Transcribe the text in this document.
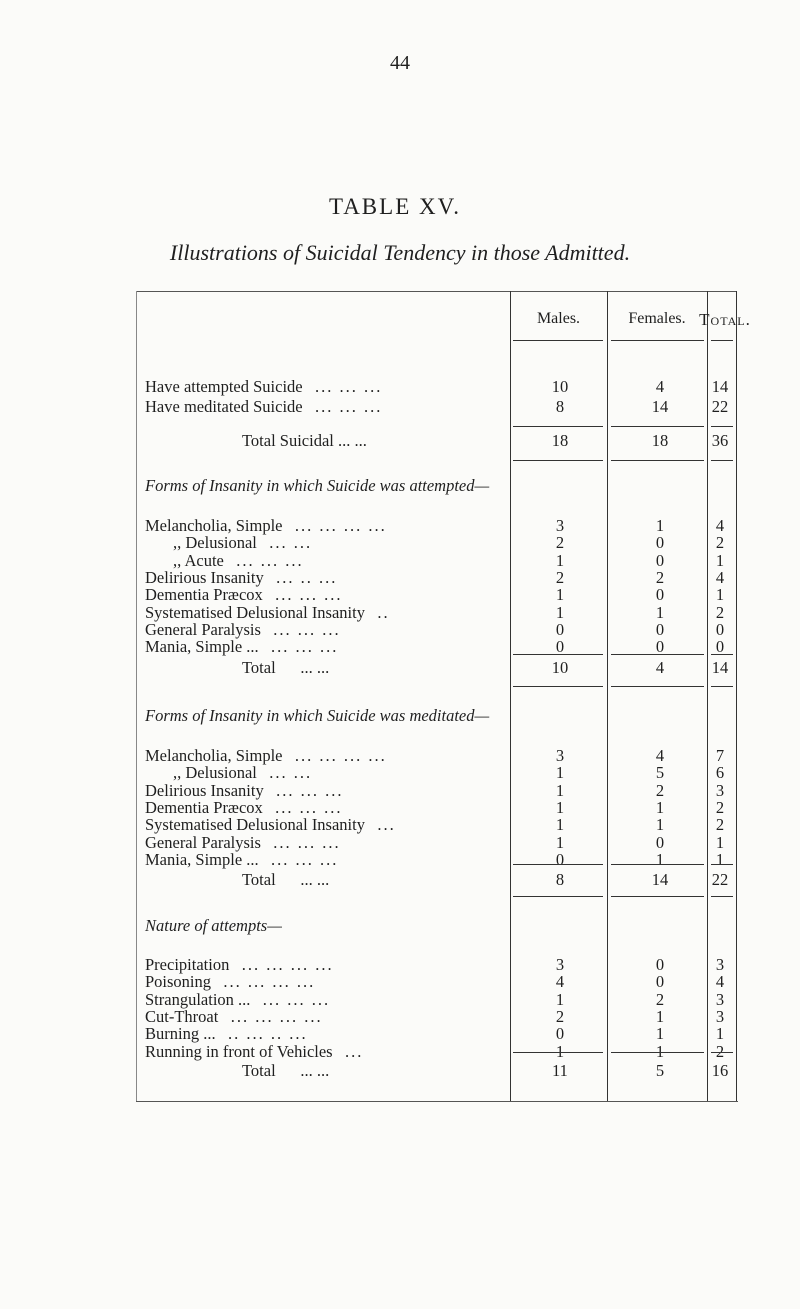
44
TABLE XV.
Illustrations of Suicidal Tendency in those Admitted.
Males.	Females. Total.
Have attempted Suicide ... ... ...	10	4	14
Have meditated Suicide ... ... ...	8	14	22
Total Suicidal ... ...	18	18	36
Forms of Insanity in which Suicide was attempted—
Melancholia, Simple ... ... ... ...	3	1	4
,, Delusional ... ...	2	0	2
,, Acute ... ... ...	1	0	1
Delirious Insanity ... .. ...	2	2	4
Dementia Præcox ... ... ...	1	0	1
Systematised Delusional Insanity ..	1	1	2
General Paralysis ... ... ...	0	0	0
Mania, Simple ... ... ... ...	0	0	0
Total ... ...	10	4	14
Forms of Insanity in which Suicide was meditated—
Melancholia, Simple ... ... ... ...	3	4	7
,, Delusional ... ...	1	5	6
Delirious Insanity ... ... ...	1	2	3
Dementia Præcox ... ... ...	1	1	2
Systematised Delusional Insanity ...	1	1	2
General Paralysis ... ... ...	1	0	1
Mania, Simple ... ... ... ...	0	1	1
Total ... ...	8	14	22
Nature of attempts—
Precipitation ... ... ... ...	3	0	3
Poisoning ... ... ... ...	4	0	4
Strangulation ... ... ... ...	1	2	3
Cut-Throat ... ... ... ...	2	1	3
Burning ... .. ... .. ...	0	1	1
Running in front of Vehicles ...	1	1	2
Total ... ...	11	5	16
